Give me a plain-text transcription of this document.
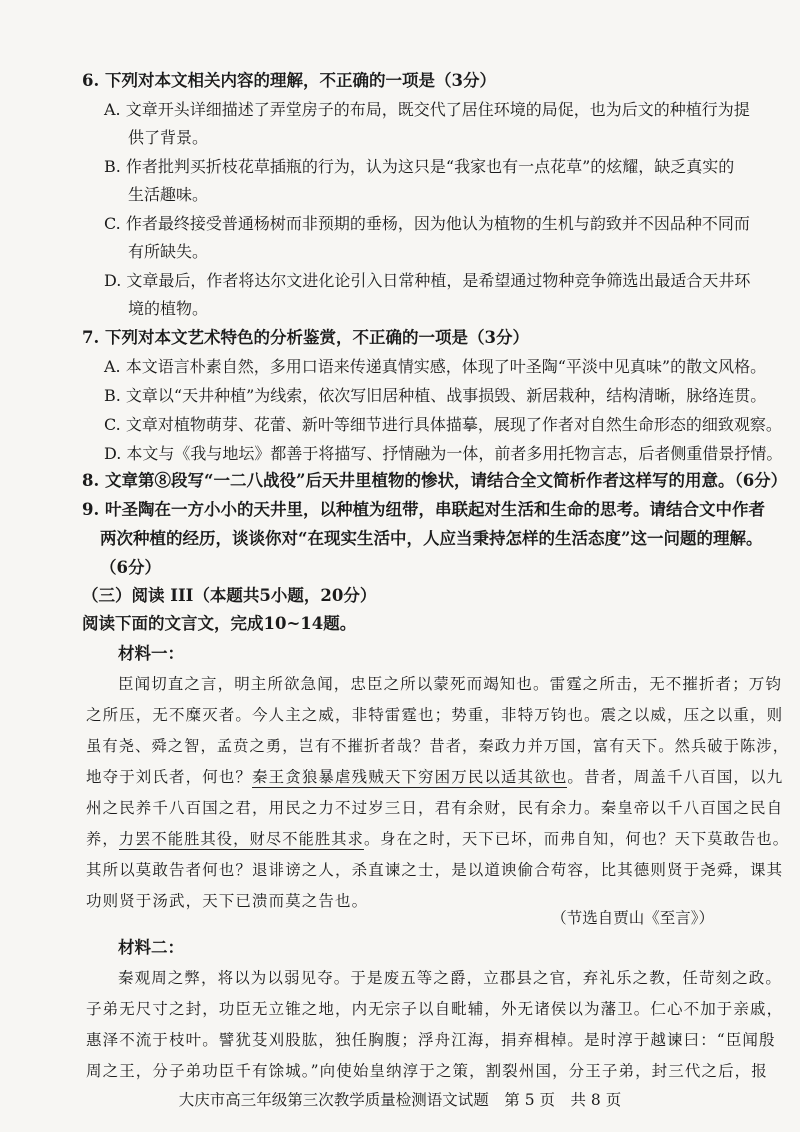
6. 下列对本文相关内容的理解，不正确的一项是（3分）
A. 文章开头详细描述了弄堂房子的布局，既交代了居住环境的局促，也为后文的种植行为提
供了背景。
B. 作者批判买折枝花草插瓶的行为，认为这只是“我家也有一点花草”的炫耀，缺乏真实的
生活趣味。
C. 作者最终接受普通杨树而非预期的垂杨，因为他认为植物的生机与韵致并不因品种不同而
有所缺失。
D. 文章最后，作者将达尔文进化论引入日常种植，是希望通过物种竞争筛选出最适合天井环
境的植物。
7. 下列对本文艺术特色的分析鉴赏，不正确的一项是（3分）
A. 本文语言朴素自然，多用口语来传递真情实感，体现了叶圣陶“平淡中见真味”的散文风格。
B. 文章以“天井种植”为线索，依次写旧居种植、战事损毁、新居栽种，结构清晰，脉络连贯。
C. 文章对植物萌芽、花蕾、新叶等细节进行具体描摹，展现了作者对自然生命形态的细致观察。
D. 本文与《我与地坛》都善于将描写、抒情融为一体，前者多用托物言志，后者侧重借景抒情。
8. 文章第⑧段写“一二八战役”后天井里植物的惨状，请结合全文简析作者这样写的用意。（6分）
9. 叶圣陶在一方小小的天井里，以种植为纽带，串联起对生活和生命的思考。请结合文中作者
两次种植的经历，谈谈你对“在现实生活中，人应当秉持怎样的生活态度”这一问题的理解。
（6分）
（三）阅读 III（本题共5小题，20分）
阅读下面的文言文，完成10~14题。
材料一：
臣闻切直之言，明主所欲急闻，忠臣之所以蒙死而竭知也。雷霆之所击，无不摧折者；万钧
之所压，无不糜灭者。今人主之威，非特雷霆也；势重，非特万钧也。震之以威，压之以重，则
虽有尧、舜之智，孟贲之勇，岂有不摧折者哉？昔者，秦政力并万国，富有天下。然兵破于陈涉，
地夺于刘氏者，何也？秦王贪狼暴虐残贼天下穷困万民以适其欲也。昔者，周盖千八百国，以九
州之民养千八百国之君，用民之力不过岁三日，君有余财，民有余力。秦皇帝以千八百国之民自
养，力罢不能胜其役，财尽不能胜其求。身在之时，天下已坏，而弗自知，何也？天下莫敢告也。
其所以莫敢告者何也？退诽谤之人，杀直谏之士，是以道谀偷合苟容，比其德则贤于尧舜，课其
功则贤于汤武，天下已溃而莫之告也。
（节选自贾山《至言》）
材料二：
秦观周之弊，将以为以弱见夺。于是废五等之爵，立郡县之官，弃礼乐之教，任苛刻之政。
子弟无尺寸之封，功臣无立锥之地，内无宗子以自毗辅，外无诸侯以为藩卫。仁心不加于亲戚，
惠泽不流于枝叶。譬犹芟刈股肱，独任胸腹；浮舟江海，捐弃楫棹。是时淳于越谏曰：“臣闻殷
周之王，分子弟功臣千有馀城。”向使始皇纳淳于之策，割裂州国，分王子弟，封三代之后，报
大庆市高三年级第三次教学质量检测语文试题　第 5 页　共 8 页
